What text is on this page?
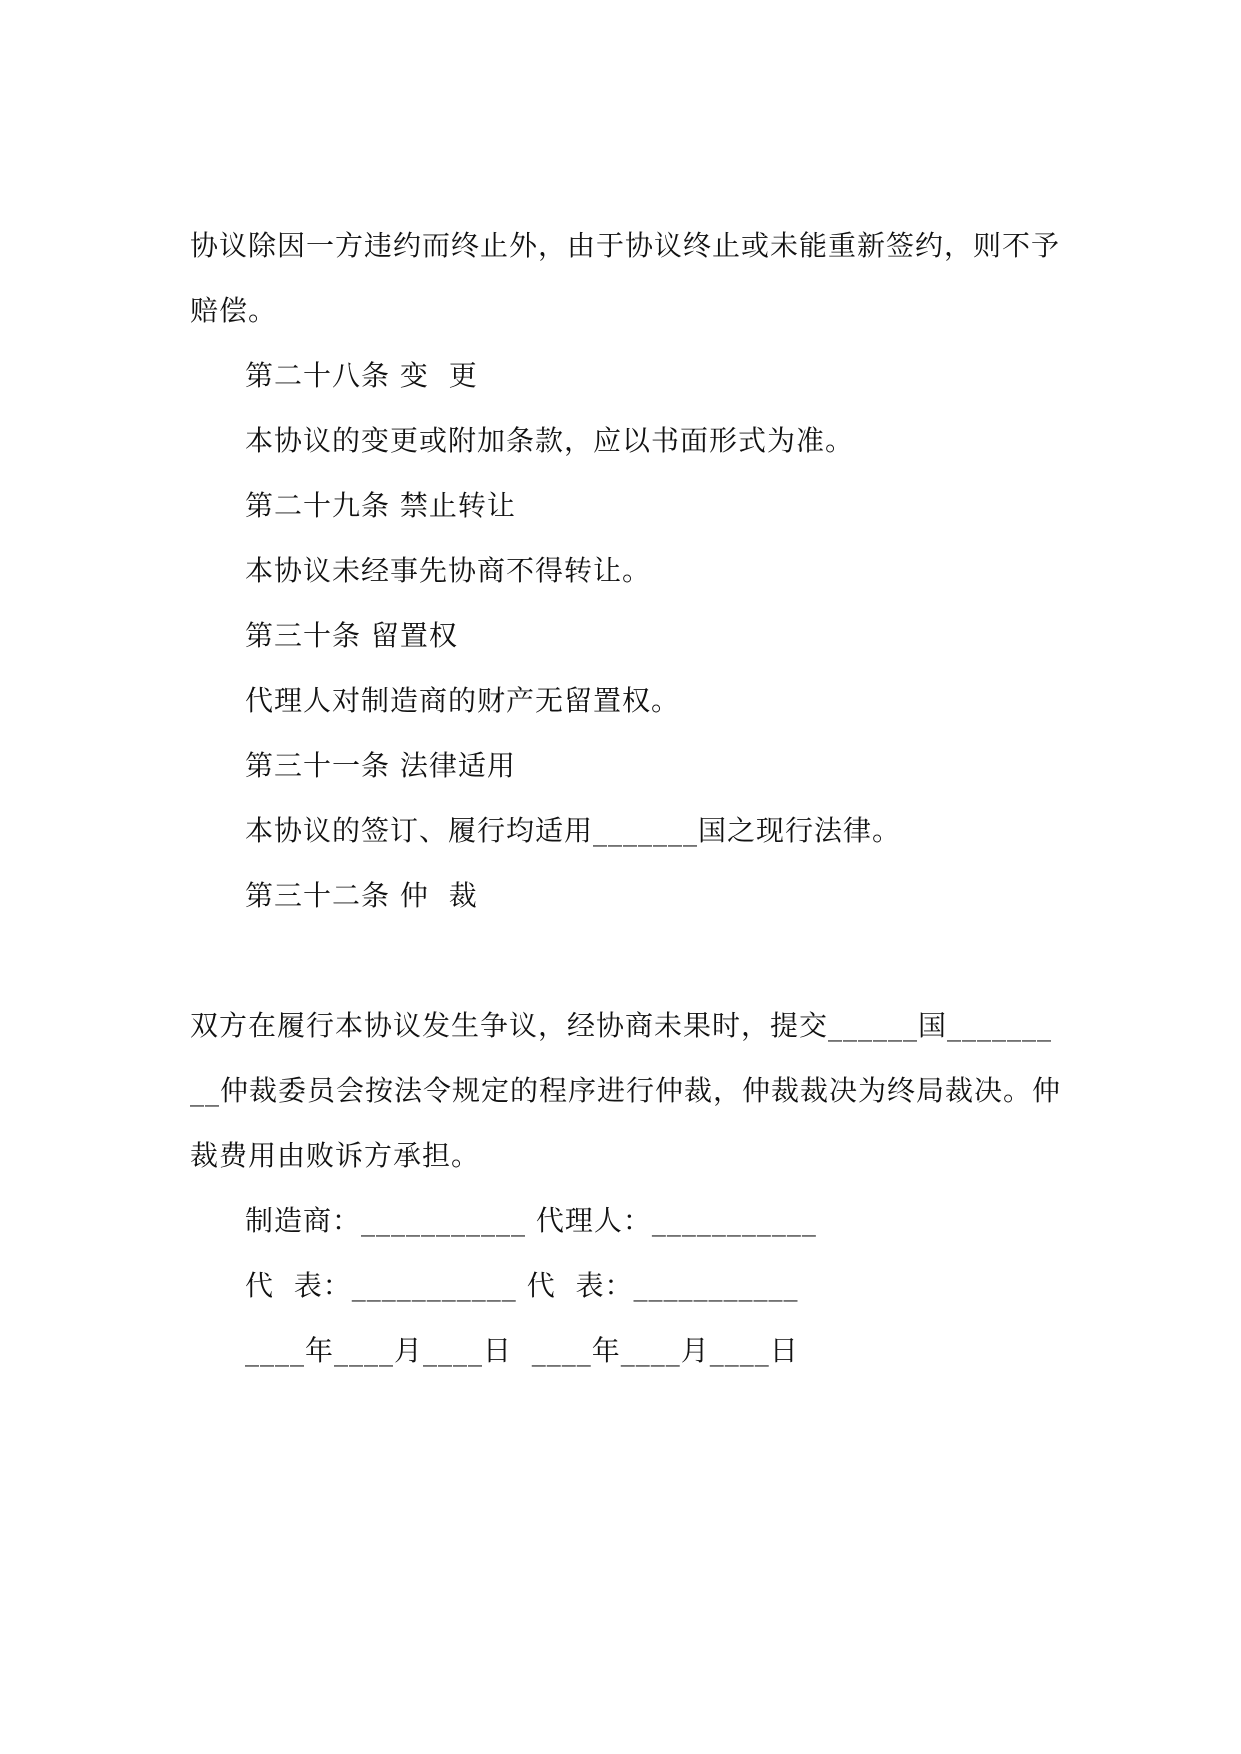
协议除因一方违约而终止外，由于协议终止或未能重新签约，则不予
赔偿。
第二十八条 变  更
本协议的变更或附加条款，应以书面形式为准。
第二十九条 禁止转让
本协议未经事先协商不得转让。
第三十条 留置权
代理人对制造商的财产无留置权。
第三十一条 法律适用
本协议的签订、履行均适用_______国之现行法律。
第三十二条 仲  裁
双方在履行本协议发生争议，经协商未果时，提交______国_______
__仲裁委员会按法令规定的程序进行仲裁，仲裁裁决为终局裁决。仲
裁费用由败诉方承担。
制造商：___________ 代理人：___________
代  表：___________ 代  表：___________
____年____月____日  ____年____月____日
